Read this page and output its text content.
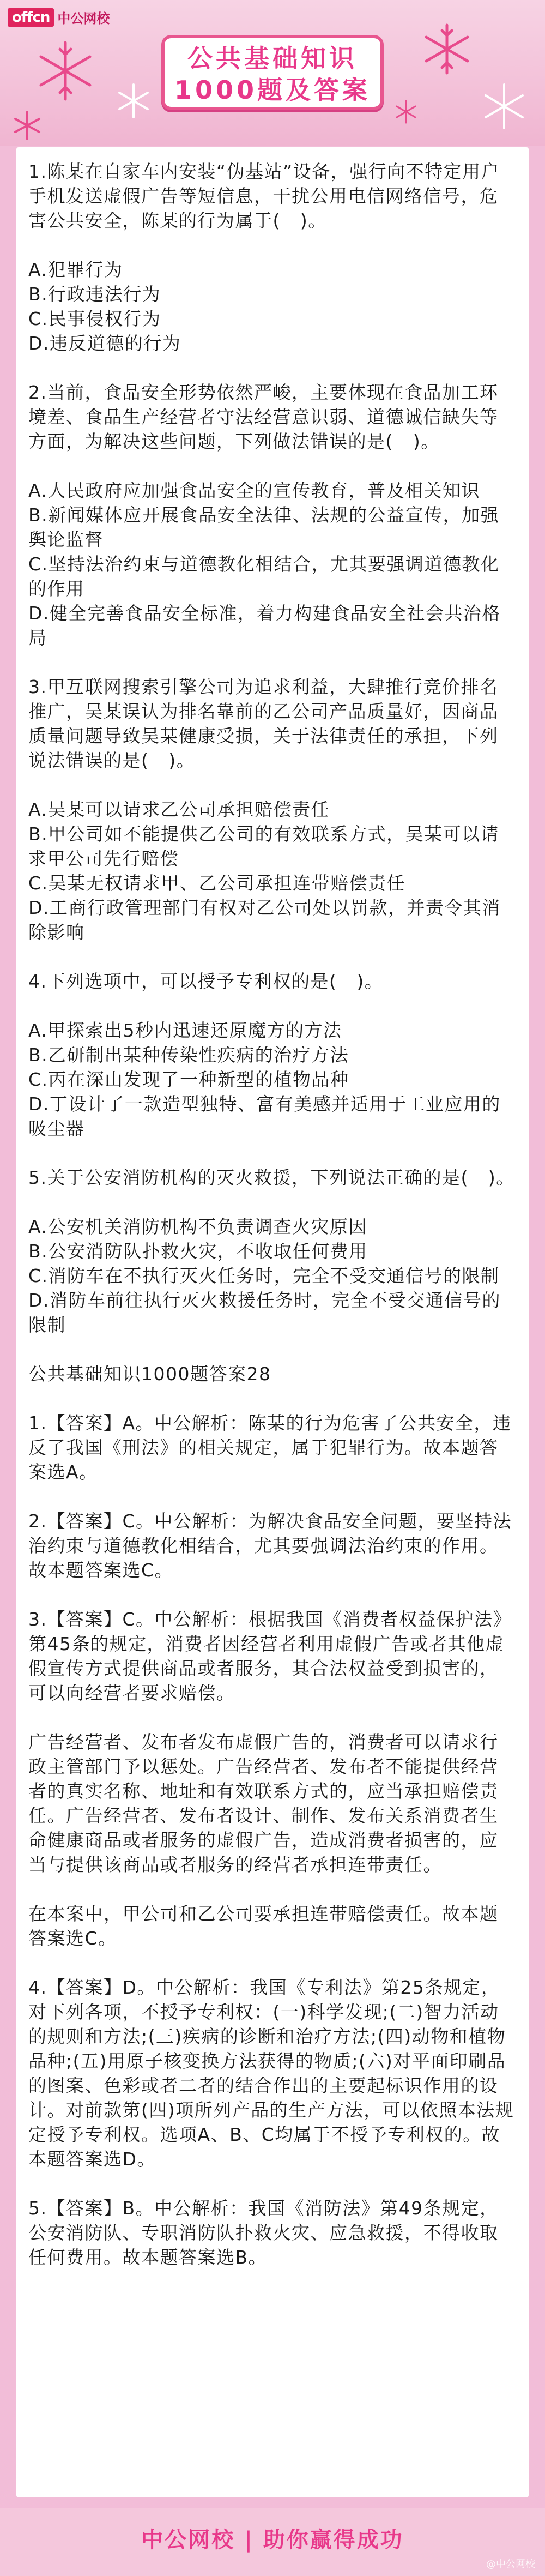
offcn 中公网校
公共基础知识
1000题及答案

1.陈某在自家车内安装“伪基站”设备，强行向不特定用户手机发送虚假广告等短信息，干扰公用电信网络信号，危害公共安全，陈某的行为属于(   )。

A.犯罪行为

B.行政违法行为

C.民事侵权行为

D.违反道德的行为

2.当前，食品安全形势依然严峻，主要体现在食品加工环境差、食品生产经营者守法经营意识弱、道德诚信缺失等方面，为解决这些问题，下列做法错误的是(   )。

A.人民政府应加强食品安全的宣传教育，普及相关知识

B.新闻媒体应开展食品安全法律、法规的公益宣传，加强舆论监督

C.坚持法治约束与道德教化相结合，尤其要强调道德教化的作用

D.健全完善食品安全标准，着力构建食品安全社会共治格局

3.甲互联网搜索引擎公司为追求利益，大肆推行竞价排名推广，吴某误认为排名靠前的乙公司产品质量好，因商品质量问题导致吴某健康受损，关于法律责任的承担，下列说法错误的是(   )。

A.吴某可以请求乙公司承担赔偿责任

B.甲公司如不能提供乙公司的有效联系方式，吴某可以请求甲公司先行赔偿

C.吴某无权请求甲、乙公司承担连带赔偿责任

D.工商行政管理部门有权对乙公司处以罚款，并责令其消除影响

4.下列选项中，可以授予专利权的是(   )。

A.甲探索出5秒内迅速还原魔方的方法

B.乙研制出某种传染性疾病的治疗方法

C.丙在深山发现了一种新型的植物品种

D.丁设计了一款造型独特、富有美感并适用于工业应用的吸尘器

5.关于公安消防机构的灭火救援，下列说法正确的是(   )。

A.公安机关消防机构不负责调查火灾原因

B.公安消防队扑救火灾，不收取任何费用

C.消防车在不执行灭火任务时，完全不受交通信号的限制

D.消防车前往执行灭火救援任务时，完全不受交通信号的限制

公共基础知识1000题答案28

1.【答案】A。中公解析：陈某的行为危害了公共安全，违反了我国《刑法》的相关规定，属于犯罪行为。故本题答案选A。

2.【答案】C。中公解析：为解决食品安全问题，要坚持法治约束与道德教化相结合，尤其要强调法治约束的作用。故本题答案选C。

3.【答案】C。中公解析：根据我国《消费者权益保护法》第45条的规定，消费者因经营者利用虚假广告或者其他虚假宣传方式提供商品或者服务，其合法权益受到损害的，可以向经营者要求赔偿。

广告经营者、发布者发布虚假广告的，消费者可以请求行政主管部门予以惩处。广告经营者、发布者不能提供经营者的真实名称、地址和有效联系方式的，应当承担赔偿责任。广告经营者、发布者设计、制作、发布关系消费者生命健康商品或者服务的虚假广告，造成消费者损害的，应当与提供该商品或者服务的经营者承担连带责任。

在本案中，甲公司和乙公司要承担连带赔偿责任。故本题答案选C。

4.【答案】D。中公解析：我国《专利法》第25条规定，对下列各项，不授予专利权：(一)科学发现;(二)智力活动的规则和方法;(三)疾病的诊断和治疗方法;(四)动物和植物品种;(五)用原子核变换方法获得的物质;(六)对平面印刷品的图案、色彩或者二者的结合作出的主要起标识作用的设计。对前款第(四)项所列产品的生产方法，可以依照本法规定授予专利权。选项A、B、C均属于不授予专利权的。故本题答案选D。

5.【答案】B。中公解析：我国《消防法》第49条规定，公安消防队、专职消防队扑救火灾、应急救援，不得收取任何费用。故本题答案选B。

中公网校 | 助你赢得成功
@中公网校
